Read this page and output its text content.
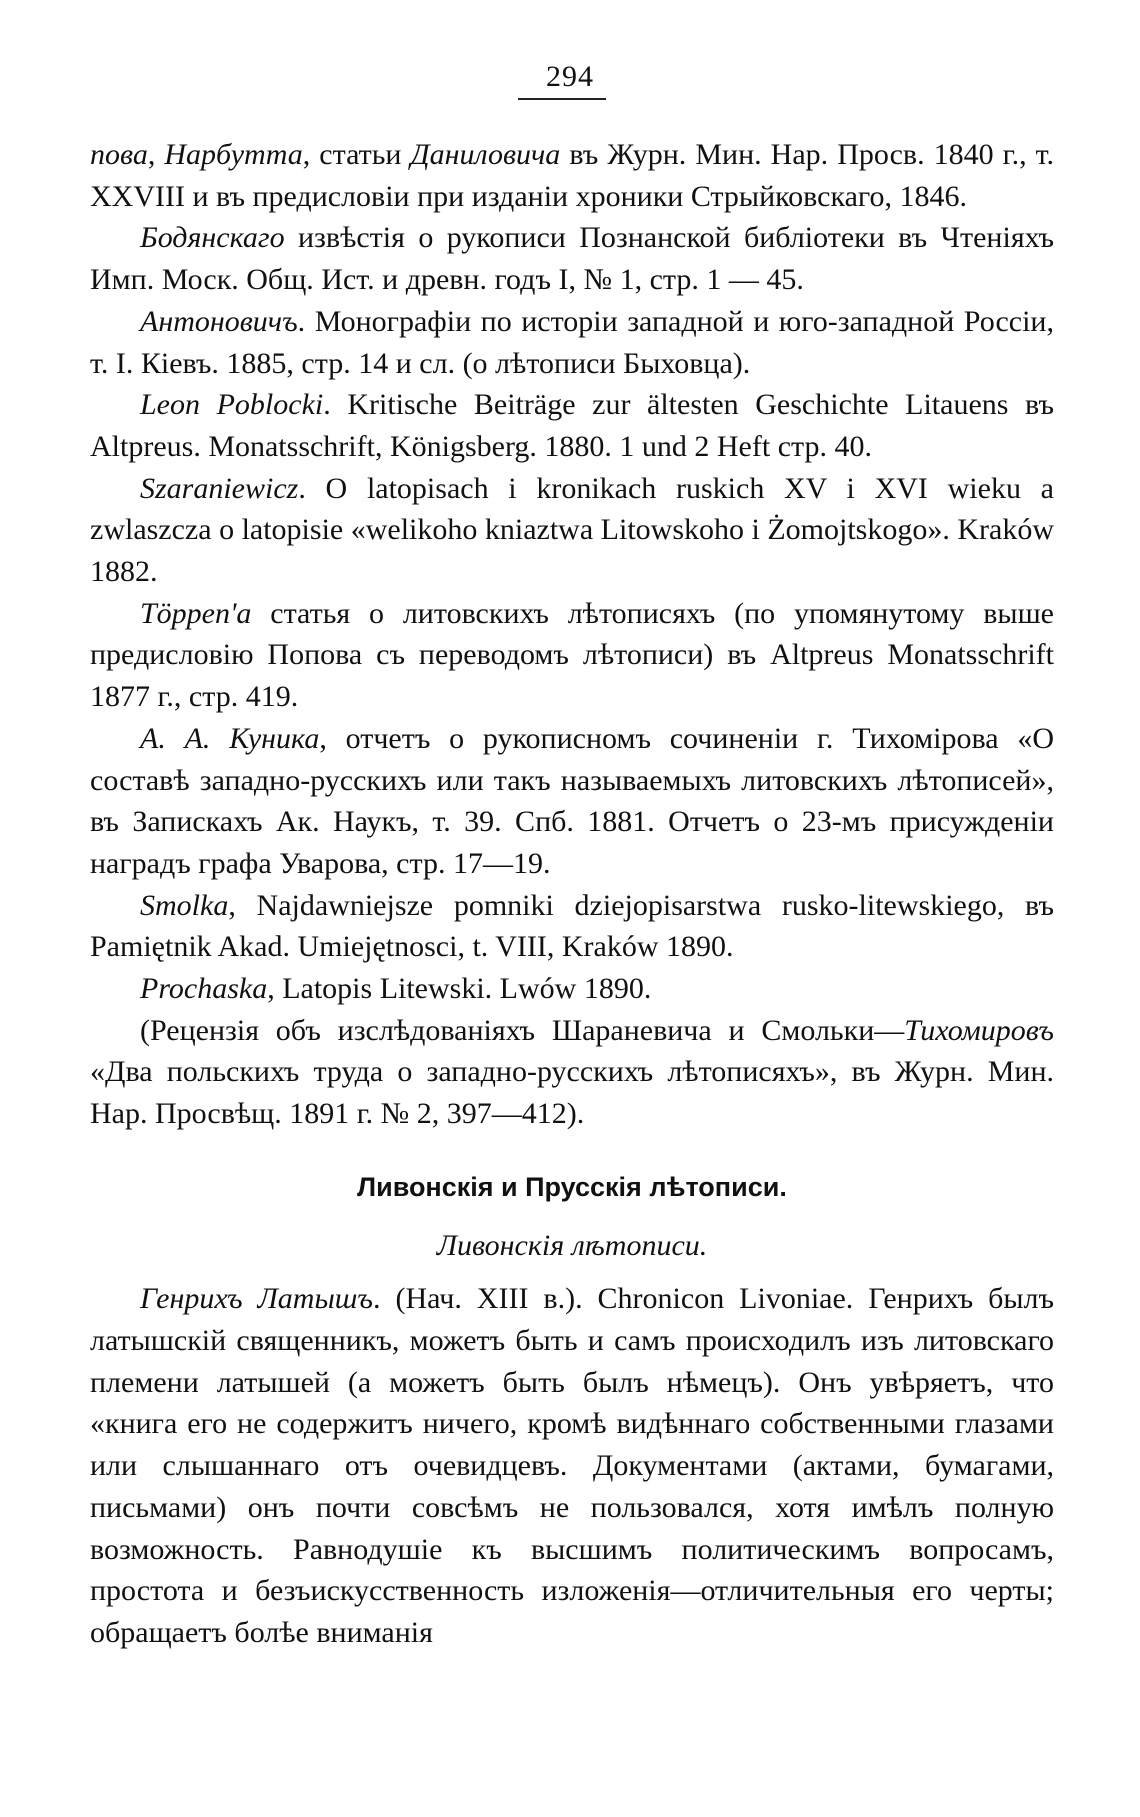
294

пова, Нарбутта, статьи Даниловича въ Журн. Мин. Нар. Просв. 1840 г., т. XXVIII и въ предисловіи при изданіи хроники Стрыйковскаго, 1846.

Бодянскаго извѣстія о рукописи Познанской библіотеки въ Чтеніяхъ Имп. Моск. Общ. Ист. и древн. годъ I, № 1, стр. 1 — 45.

Антоновичъ. Монографіи по исторіи западной и юго-западной Россіи, т. I. Кіевъ. 1885, стр. 14 и сл. (о лѣтописи Быховца).

Leon Poblocki. Kritische Beiträge zur ältesten Geschichte Litauens въ Altpreus. Monatsschrift, Königsberg. 1880. 1 und 2 Heft стр. 40.

Szaraniewicz. O latopisach i kronikach ruskich XV i XVI wieku a zwlaszcza o latopisie «welikoho kniaztwa Litowskoho i Żomojtskogo». Kraków 1882.

Töppen'а статья о литовскихъ лѣтописяхъ (по упомянутому выше предисловію Попова съ переводомъ лѣтописи) въ Altpreus Monatsschrift 1877 г., стр. 419.

А. А. Куника, отчетъ о рукописномъ сочиненіи г. Тихомірова «О составѣ западно-русскихъ или такъ называемыхъ литовскихъ лѣтописей», въ Запискахъ Ак. Наукъ, т. 39. Спб. 1881. Отчетъ о 23-мъ присужденіи наградъ графа Уварова, стр. 17—19.

Smolka, Najdawniejsze pomniki dziejopisarstwa rusko-litewskiego, въ Pamiętnik Akad. Umiejętnosci, t. VIII, Kraków 1890.

Prochaska, Latopis Litewski. Lwów 1890.

(Рецензія объ изслѣдованіяхъ Шараневича и Смольки—Тихомировъ «Два польскихъ труда о западно-русскихъ лѣтописяхъ», въ Журн. Мин. Нар. Просвѣщ. 1891 г. № 2, 397—412).

Ливонскія и Прусскія лѣтописи.

Ливонскія лѣтописи.

Генрихъ Латышъ. (Нач. XIII в.). Chronicon Livoniae. Генрихъ былъ латышскій священникъ, можетъ быть и самъ происходилъ изъ литовскаго племени латышей (а можетъ быть былъ нѣмецъ). Онъ увѣряетъ, что «книга его не содержитъ ничего, кромѣ видѣннаго собственными глазами или слышаннаго отъ очевидцевъ. Документами (актами, бумагами, письмами) онъ почти совсѣмъ не пользовался, хотя имѣлъ полную возможность. Равнодушіе къ высшимъ политическимъ вопросамъ, простота и безъискусственность изложенія—отличительныя его черты; обращаетъ болѣе вниманія
